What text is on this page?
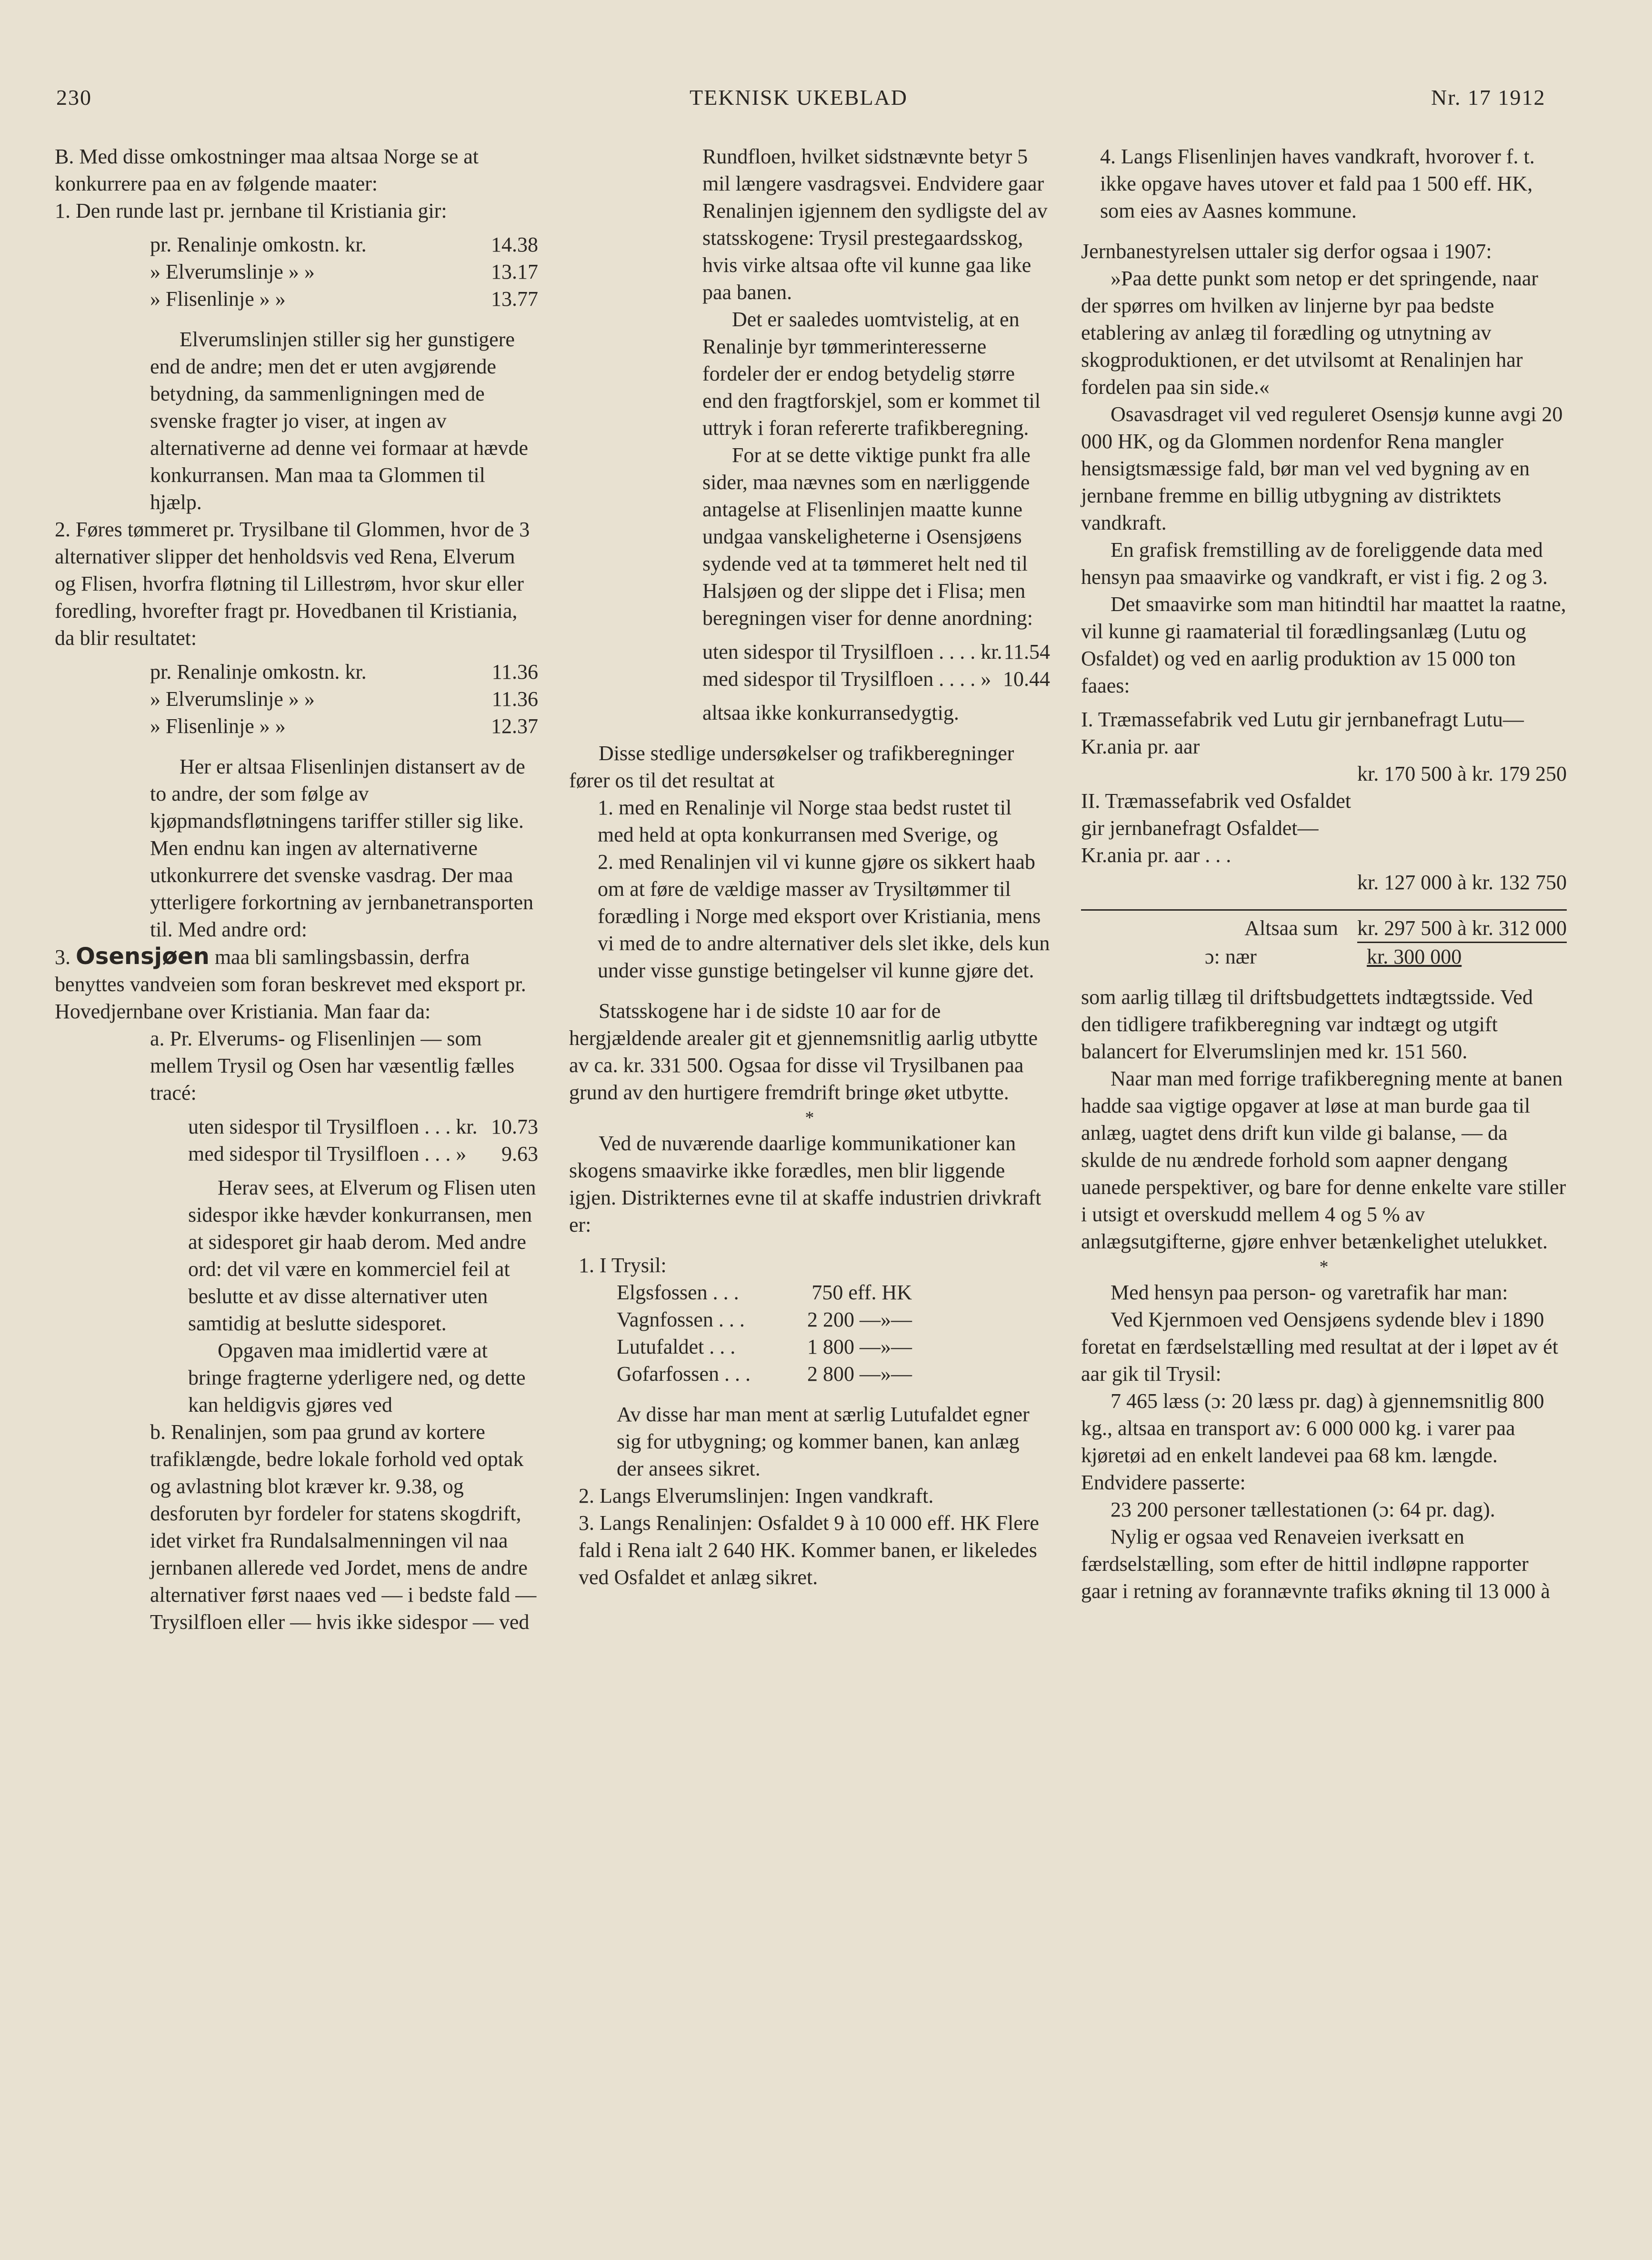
230	TEKNISK UKEBLAD	Nr. 17 1912

B. Med disse omkostninger maa altsaa Norge se at konkurrere paa en av følgende maater:

1. Den runde last pr. jernbane til Kristiania gir:

pr. Renalinje omkostn. kr.	14.38
» Elverumslinje » »	13.17
» Flisenlinje » »	13.77

Elverumslinjen stiller sig her gunstigere end de andre; men det er uten avgjørende betydning, da sammenligningen med de svenske fragter jo viser, at ingen av alternativerne ad denne vei formaar at hævde konkurransen. Man maa ta Glommen til hjælp.

2. Føres tømmeret pr. Trysilbane til Glommen, hvor de 3 alternativer slipper det henholdsvis ved Rena, Elverum og Flisen, hvorfra fløtning til Lillestrøm, hvor skur eller foredling, hvorefter fragt pr. Hovedbanen til Kristiania, da blir resultatet:

pr. Renalinje omkostn. kr.	11.36
» Elverumslinje » »	11.36
» Flisenlinje » »	12.37

Her er altsaa Flisenlinjen distansert av de to andre, der som følge av kjøpmandsfløtningens tariffer stiller sig like. Men endnu kan ingen av alternativerne utkonkurrere det svenske vasdrag. Der maa ytterligere forkortning av jernbanetransporten til. Med andre ord:

3. Osensjøen maa bli samlingsbassin, derfra benyttes vandveien som foran beskrevet med eksport pr. Hovedjernbane over Kristiania. Man faar da:

a. Pr. Elverums- og Flisenlinjen — som mellem Trysil og Osen har væsentlig fælles tracé:

uten sidespor til Trysilfloen . . . kr. 10.73
med sidespor til Trysilfloen . . . »	9.63

Herav sees, at Elverum og Flisen uten sidespor ikke hævder konkurransen, men at sidesporet gir haab derom. Med andre ord: det vil være en kommerciel feil at beslutte et av disse alternativer uten samtidig at beslutte sidesporet.

Opgaven maa imidlertid være at bringe fragterne yderligere ned, og dette kan heldigvis gjøres ved

b. Renalinjen, som paa grund av kortere trafiklængde, bedre lokale forhold ved optak og avlastning blot kræver kr. 9.38, og desforuten byr fordeler for statens skogdrift, idet virket fra Rundalsalmenningen vil naa jernbanen allerede ved Jordet, mens de andre alternativer først naaes ved — i bedste fald — Trysilfloen eller — hvis ikke sidespor — ved

Rundfloen, hvilket sidstnævnte betyr 5 mil længere vasdragsvei. Endvidere gaar Renalinjen igjennem den sydligste del av statsskogene: Trysil prestegaardsskog, hvis virke altsaa ofte vil kunne gaa like paa banen.

Det er saaledes uomtvistelig, at en Renalinje byr tømmerinteresserne fordeler der er endog betydelig større end den fragtforskjel, som er kommet til uttryk i foran refererte trafikberegning.

For at se dette viktige punkt fra alle sider, maa nævnes som en nærliggende antagelse at Flisenlinjen maatte kunne undgaa vanskeligheterne i Osensjøens sydende ved at ta tømmeret helt ned til Halsjøen og der slippe det i Flisa; men beregningen viser for denne anordning:

uten sidespor til Trysilfloen . . . . kr. 11.54
med sidespor til Trysilfloen . . . . » 10.44

altsaa ikke konkurransedygtig.

Disse stedlige undersøkelser og trafikberegninger fører os til det resultat at

1. med en Renalinje vil Norge staa bedst rustet til med held at opta konkurransen med Sverige, og

2. med Renalinjen vil vi kunne gjøre os sikkert haab om at føre de vældige masser av Trysiltømmer til forædling i Norge med eksport over Kristiania, mens vi med de to andre alternativer dels slet ikke, dels kun under visse gunstige betingelser vil kunne gjøre det.

Statsskogene har i de sidste 10 aar for de hergjældende arealer git et gjennemsnitlig aarlig utbytte av ca. kr. 331 500. Ogsaa for disse vil Trysilbanen paa grund av den hurtigere fremdrift bringe øket utbytte.

*

Ved de nuværende daarlige kommunikationer kan skogens smaavirke ikke forædles, men blir liggende igjen. Distrikternes evne til at skaffe industrien drivkraft er:

1. I Trysil:

Elgsfossen . . .	750 eff. HK
Vagnfossen . . .	2 200 —»—
Lutufaldet . . .	1 800 —»—
Gofarfossen . . .	2 800 —»—

Av disse har man ment at særlig Lutufaldet egner sig for utbygning; og kommer banen, kan anlæg der ansees sikret.

2. Langs Elverumslinjen: Ingen vandkraft.

3. Langs Renalinjen: Osfaldet 9 à 10 000 eff. HK Flere fald i Rena ialt 2 640 HK. Kommer banen, er likeledes ved Osfaldet et anlæg sikret.

4. Langs Flisenlinjen haves vandkraft, hvorover f. t. ikke opgave haves utover et fald paa 1 500 eff. HK, som eies av Aasnes kommune.

Jernbanestyrelsen uttaler sig derfor ogsaa i 1907:

»Paa dette punkt som netop er det springende, naar der spørres om hvilken av linjerne byr paa bedste etablering av anlæg til forædling og utnytning av skogproduktionen, er det utvilsomt at Renalinjen har fordelen paa sin side.«

Osavasdraget vil ved reguleret Osensjø kunne avgi 20 000 HK, og da Glommen nordenfor Rena mangler hensigtsmæssige fald, bør man vel ved bygning av en jernbane fremme en billig utbygning av distriktets vandkraft.

En grafisk fremstilling av de foreliggende data med hensyn paa smaavirke og vandkraft, er vist i fig. 2 og 3.

Det smaavirke som man hitindtil har maattet la raatne, vil kunne gi raamaterial til forædlingsanlæg (Lutu og Osfaldet) og ved en aarlig produktion av 15 000 ton faaes:

I. Træmassefabrik ved Lutu gir jernbanefragt Lutu—Kr.ania pr. aar

kr. 170 500 à kr. 179 250

II. Træmassefabrik ved Osfaldet gir jernbanefragt Osfaldet—Kr.ania pr. aar . . .

kr. 127 000 à kr. 132 750

Altsaa sum kr. 297 500 à kr. 312 000
ɔ: nær	kr. 300 000

som aarlig tillæg til driftsbudgettets indtægtsside. Ved den tidligere trafikberegning var indtægt og utgift balancert for Elverumslinjen med kr. 151 560.

Naar man med forrige trafikberegning mente at banen hadde saa vigtige opgaver at løse at man burde gaa til anlæg, uagtet dens drift kun vilde gi balanse, — da skulde de nu ændrede forhold som aapner dengang uanede perspektiver, og bare for denne enkelte vare stiller i utsigt et overskudd mellem 4 og 5 % av anlægsutgifterne, gjøre enhver betænkelighet utelukket.

*

Med hensyn paa person- og varetrafik har man:

Ved Kjernmoen ved Oensjøens sydende blev i 1890 foretat en færdselstælling med resultat at der i løpet av ét aar gik til Trysil:

7 465 læss (ɔ: 20 læss pr. dag) à gjennemsnitlig 800 kg., altsaa en transport av: 6 000 000 kg. i varer paa kjøretøi ad en enkelt landevei paa 68 km. længde. Endvidere passerte:

23 200 personer tællestationen (ɔ: 64 pr. dag).

Nylig er ogsaa ved Renaveien iverksatt en færdselstælling, som efter de hittil indløpne rapporter gaar i retning av forannævnte trafiks økning til 13 000 à
